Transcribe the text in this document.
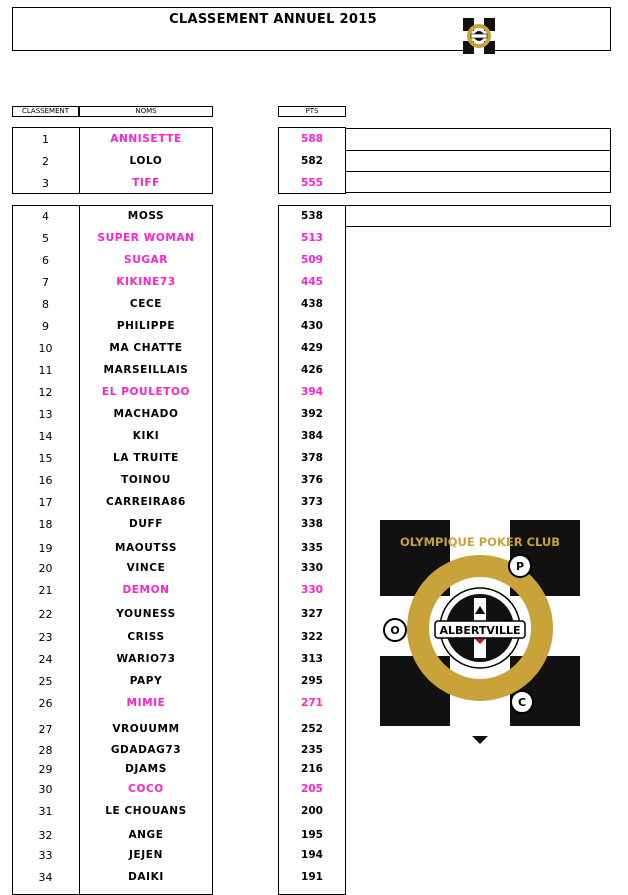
CLASSEMENT ANNUEL 2015
CLASSEMENT	NOMS	PTS
1	ANNISETTE	588
2	LOLO	582
3	TIFF	555
4	MOSS	538
5	SUPER WOMAN	513
6	SUGAR	509
7	KIKINE73	445
8	CECE	438
9	PHILIPPE	430
10	MA CHATTE	429
11	MARSEILLAIS	426
12	EL POULETOO	394
13	MACHADO	392
14	KIKI	384
15	LA TRUITE	378
16	TOINOU	376
17	CARREIRA86	373
18	DUFF	338
19	MAOUTSS	335
20	VINCE	330
21	DEMON	330
22	YOUNESS	327
23	CRISS	322
24	WARIO73	313
25	PAPY	295
26	MIMIE	271
27	VROUUMM	252
28	GDADAG73	235
29	DJAMS	216
30	COCO	205
31	LE CHOUANS	200
32	ANGE	195
33	JEJEN	194
34	DAIKI	191
ALBERTVILLE
OLYMPIQUE POKER CLUB
P
O
C
